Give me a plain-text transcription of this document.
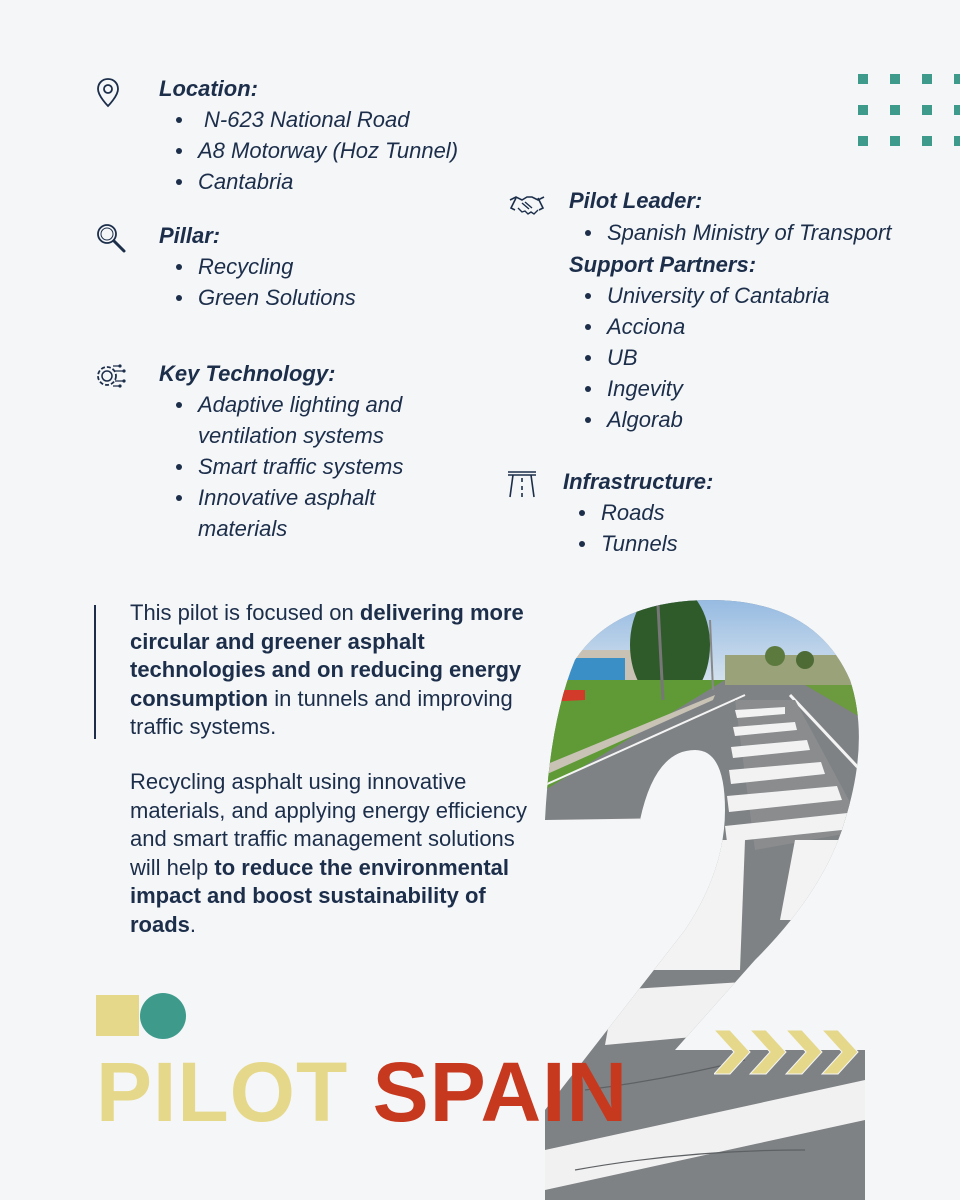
Location:
N-623 National Road
A8 Motorway (Hoz Tunnel)
Cantabria
Pillar:
Recycling
Green Solutions
Key Technology:
Adaptive lighting and ventilation systems
Smart traffic systems
Innovative asphalt materials
Pilot Leader:
Spanish Ministry of Transport
Support Partners:
University of Cantabria
Acciona
UB
Ingevity
Algorab
Infrastructure:
Roads
Tunnels
This pilot is focused on delivering more circular and greener asphalt technologies and on reducing energy consumption in tunnels and improving traffic systems.
Recycling asphalt using innovative materials, and applying energy efficiency and smart traffic management solutions will help to reduce the environmental impact and boost sustainability of roads.
PILOT SPAIN
